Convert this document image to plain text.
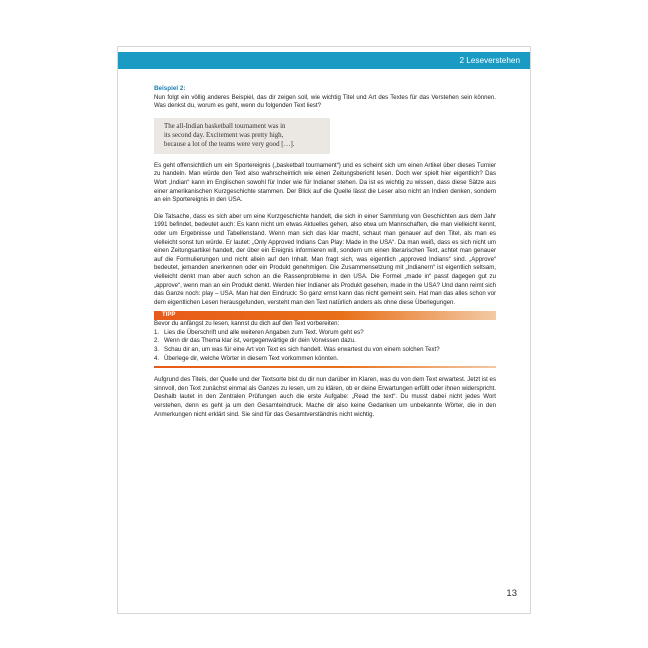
2 Leseverstehen
Beispiel 2:

Nun folgt ein völlig anderes Beispiel, das dir zeigen soll, wie wichtig Titel und Art des Textes für das Verstehen sein können. Was denkst du, worum es geht, wenn du folgenden Text liest?

The all-Indian basketball tournament was in
its second day. Excitement was pretty high,
because a lot of the teams were very good […].

Es geht offensichtlich um ein Sportereignis („basketball tournament“) und es scheint sich um einen Artikel über dieses Turnier zu handeln. Man würde den Text also wahrscheinlich wie einen Zeitungsbericht lesen. Doch wer spielt hier eigentlich? Das Wort „Indian“ kann im Englischen sowohl für Inder wie für Indianer stehen. Da ist es wichtig zu wissen, dass diese Sätze aus einer amerikanischen Kurzgeschichte stammen. Der Blick auf die Quelle lässt die Leser also nicht an Indien denken, sondern an ein Sportereignis in den USA.

Die Tatsache, dass es sich aber um eine Kurzgeschichte handelt, die sich in einer Sammlung von Geschichten aus dem Jahr 1991 befindet, bedeutet auch: Es kann nicht um etwas Aktuelles gehen, also etwa um Mannschaften, die man vielleicht kennt, oder um Ergebnisse und Tabellenstand. Wenn man sich das klar macht, schaut man genauer auf den Titel, als man es vielleicht sonst tun würde. Er lautet: „Only Approved Indians Can Play: Made in the USA“. Da man weiß, dass es sich nicht um einen Zeitungsartikel handelt, der über ein Ereignis informieren will, sondern um einen literarischen Text, achtet man genauer auf die Formulierungen und nicht allein auf den Inhalt. Man fragt sich, was eigentlich „approved Indians“ sind. „Approve“ bedeutet, jemanden anerkennen oder ein Produkt genehmigen. Die Zusammensetzung mit „Indianern“ ist eigentlich seltsam, vielleicht denkt man aber auch schon an die Rassenprobleme in den USA. Die Formel „made in“ passt dagegen gut zu „approve“, wenn man an ein Produkt denkt. Werden hier Indianer als Produkt gesehen, made in the USA? Und dann reimt sich das Ganze noch: play – USA. Man hat den Eindruck: So ganz ernst kann das nicht gemeint sein. Hat man das alles schon vor dem eigentlichen Lesen herausgefunden, versteht man den Text natürlich anders als ohne diese Überlegungen.

TIPP

Bevor du anfängst zu lesen, kannst du dich auf den Text vorbereiten:

1. Lies die Überschrift und alle weiteren Angaben zum Text. Worum geht es?
2. Wenn dir das Thema klar ist, vergegenwärtige dir dein Vorwissen dazu.
3. Schau dir an, um was für eine Art von Text es sich handelt. Was erwartest du von einem solchen Text?
4. Überlege dir, welche Wörter in diesem Text vorkommen könnten.

Aufgrund des Titels, der Quelle und der Textsorte bist du dir nun darüber im Klaren, was du von dem Text erwartest. Jetzt ist es sinnvoll, den Text zunächst einmal als Ganzes zu lesen, um zu klären, ob er deine Erwartungen erfüllt oder ihnen widerspricht. Deshalb lautet in den Zentralen Prüfungen auch die erste Aufgabe: „Read the text“. Du musst dabei nicht jedes Wort verstehen, denn es geht ja um den Gesamteindruck. Mache dir also keine Gedanken um unbekannte Wörter, die in den Anmerkungen nicht erklärt sind. Sie sind für das Gesamtverständnis nicht wichtig.

13
